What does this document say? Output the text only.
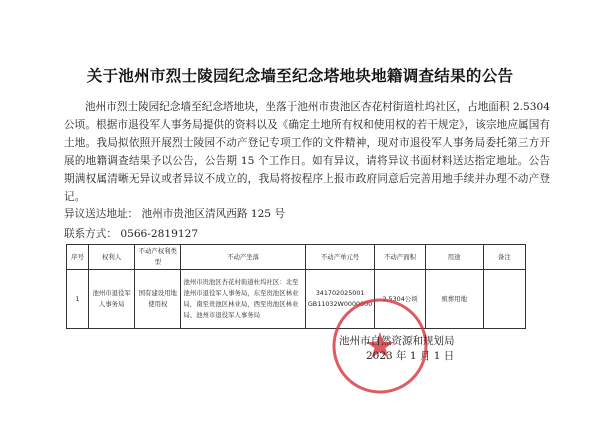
关于池州市烈士陵园纪念墙至纪念塔地块地籍调查结果的公告

池州市烈士陵园纪念墙至纪念塔地块，坐落于池州市贵池区杏花村街道杜坞社区，占地面积 2.5304公顷。根据市退役军人事务局提供的资料以及《确定土地所有权和使用权的若干规定》，该宗地应属国有土地。我局拟依照开展烈士陵园不动产登记专项工作的文件精神，现对市退役军人事务局委托第三方开展的地籍调查结果予以公告，公告期 15 个工作日。如有异议，请将异议书面材料送达指定地址。公告期满权属清晰无异议或者异议不成立的，我局将按程序上报市政府同意后完善用地手续并办理不动产登记。

异议送达地址： 池州市贵池区清风西路 125 号
联系方式： 0566-2819127
序号	权利人	不动产权利类型	不动产坐落	不动产单元号	不动产面积	用途	备注
1	池州市退役军人事务局	国有建设用地使用权	池州市贵池区杏花村街道杜坞社区：北至池州市退役军人事务局，东至贵池区林业局，南至贵池区林业局，西至贵池区林业局、池州市退役军人事务局	341702025001
GB11032W0000000	2.5304公顷	殡葬用地	
池州市自然资源和规划局
2023 年 1 月 1 日
